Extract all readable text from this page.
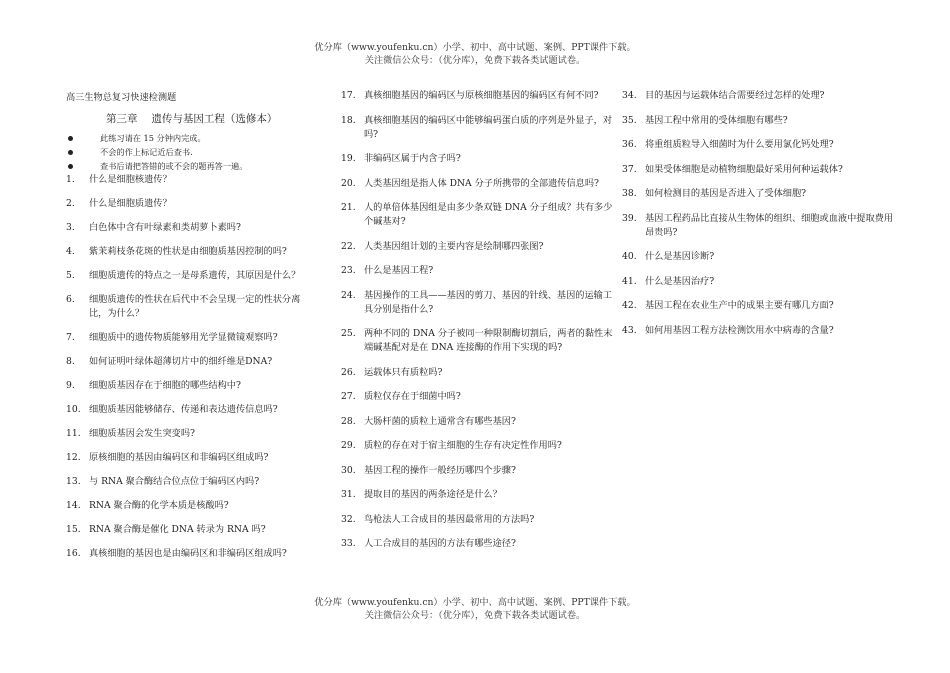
优分库（www.youfenku.cn）小学、初中、高中试题、案例、PPT课件下载。
关注微信公众号：（优分库），免费下载各类试题试卷。
高三生物总复习快速检测题
第三章　 遗传与基因工程（选修本）
此练习请在 15 分钟内完成。
不会的作上标记近后查书.
查书后请把答错的或不会的题再答一遍。
1. 什么是细胞核遗传？
2. 什么是细胞质遗传？
3. 白色体中含有叶绿素和类胡萝卜素吗?
4. 紫茉莉枝条花斑的性状是由细胞质基因控制的吗?
5. 细胞质遗传的特点之一是母系遗传，其原因是什么？
6. 细胞质遗传的性状在后代中不会呈现一定的性状分离比，为什么？
7. 细胞质中的遗传物质能够用光学显微镜观察吗?
8. 如何证明叶绿体超薄切片中的细纤维是DNA?
9. 细胞质基因存在于细胞的哪些结构中?
10. 细胞质基因能够储存、传递和表达遗传信息吗?
11. 细胞质基因会发生突变吗?
12. 原核细胞的基因由编码区和非编码区组成吗?
13. 与 RNA 聚合酶结合位点位于编码区内吗?
14. RNA 聚合酶的化学本质是核酸吗?
15. RNA 聚合酶是催化 DNA 转录为 RNA 吗?
16. 真核细胞的基因也是由编码区和非编码区组成吗?
17. 真核细胞基因的编码区与原核细胞基因的编码区有何不同?
18. 真核细胞基因的编码区中能够编码蛋白质的序列是外显子，对吗?
19. 非编码区属于内含子吗?
20. 人类基因组是指人体 DNA 分子所携带的全部遗传信息吗?
21. 人的单倍体基因组是由多少条双链 DNA 分子组成？共有多少个碱基对?
22. 人类基因组计划的主要内容是绘制哪四张图?
23. 什么是基因工程?
24. 基因操作的工具——基因的剪刀、基因的针线、基因的运输工具分别是指什么?
25. 两种不同的 DNA 分子被同一种限制酶切割后，两者的黏性末端碱基配对是在 DNA 连接酶的作用下实现的吗?
26. 运载体只有质粒吗?
27. 质粒仅存在于细菌中吗?
28. 大肠杆菌的质粒上通常含有哪些基因?
29. 质粒的存在对于宿主细胞的生存有决定性作用吗?
30. 基因工程的操作一般经历哪四个步骤?
31. 提取目的基因的两条途径是什么？
32. 鸟枪法人工合成目的基因最常用的方法吗?
33. 人工合成目的基因的方法有哪些途径?
34. 目的基因与运载体结合需要经过怎样的处理?
35. 基因工程中常用的受体细胞有哪些?
36. 将重组质粒导入细菌时为什么要用氯化钙处理?
37. 如果受体细胞是动植物细胞最好采用何种运载体?
38. 如何检测目的基因是否进入了受体细胞?
39. 基因工程药品比直接从生物体的组织、细胞或血液中提取费用昂贵吗?
40. 什么是基因诊断?
41. 什么是基因治疗?
42. 基因工程在农业生产中的成果主要有哪几方面?
43. 如何用基因工程方法检测饮用水中病毒的含量?
优分库（www.youfenku.cn）小学、初中、高中试题、案例、PPT课件下载。
关注微信公众号：（优分库），免费下载各类试题试卷。
